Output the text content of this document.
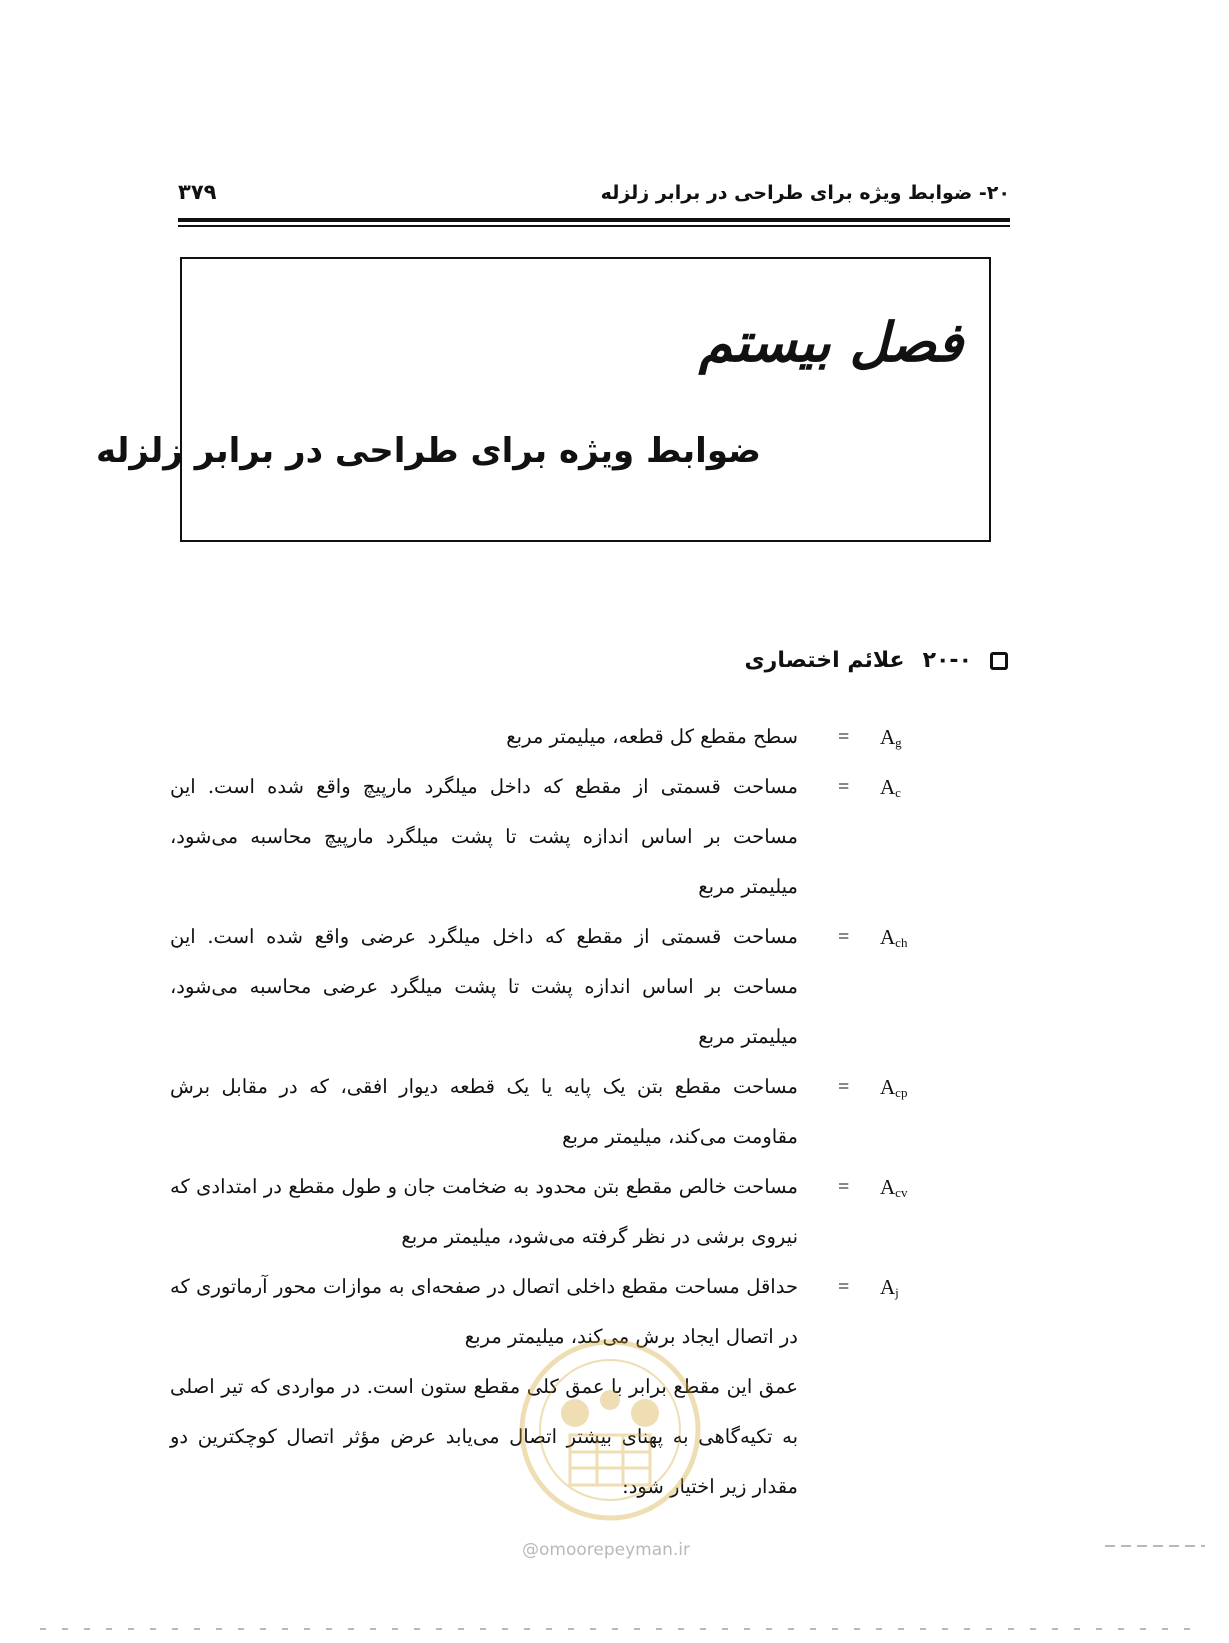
۲۰- ضوابط ویژه برای طراحی در برابر زلزله
۳۷۹
فصل بیستم
ضوابط ویژه برای طراحی در برابر زلزله
۲۰-۰
علائم اختصاری
$A_g$
=
سطح مقطع کل قطعه، میلیمتر مربع
$A_c$
=
مساحت قسمتی از مقطع که داخل میلگرد مارپیچ واقع شده است. این مساحت بر اساس اندازه پشت تا پشت میلگرد مارپیچ محاسبه می‌شود، میلیمتر مربع
$A_{ch}$
=
مساحت قسمتی از مقطع که داخل میلگرد عرضی واقع شده است. این مساحت بر اساس اندازه پشت تا پشت میلگرد عرضی محاسبه می‌شود، میلیمتر مربع
$A_{cp}$
=
مساحت مقطع بتن یک پایه یا یک قطعه دیوار افقی، که در مقابل برش مقاومت می‌کند، میلیمتر مربع
$A_{cv}$
=
مساحت خالص مقطع بتن محدود به ضخامت جان و طول مقطع در امتدادی که نیروی برشی در نظر گرفته می‌شود، میلیمتر مربع
$A_j$
=
حداقل مساحت مقطع داخلی اتصال در صفحه‌ای به موازات محور آرماتوری که در اتصال ایجاد برش می‌کند، میلیمتر مربع
عمق این مقطع برابر با عمق کلی مقطع ستون است. در مواردی که تیر اصلی به تکیه‌گاهی به پهنای بیشتر اتصال می‌یابد عرض مؤثر اتصال کوچکترین دو مقدار زیر اختیار شود:
@omoorepeyman.ir
